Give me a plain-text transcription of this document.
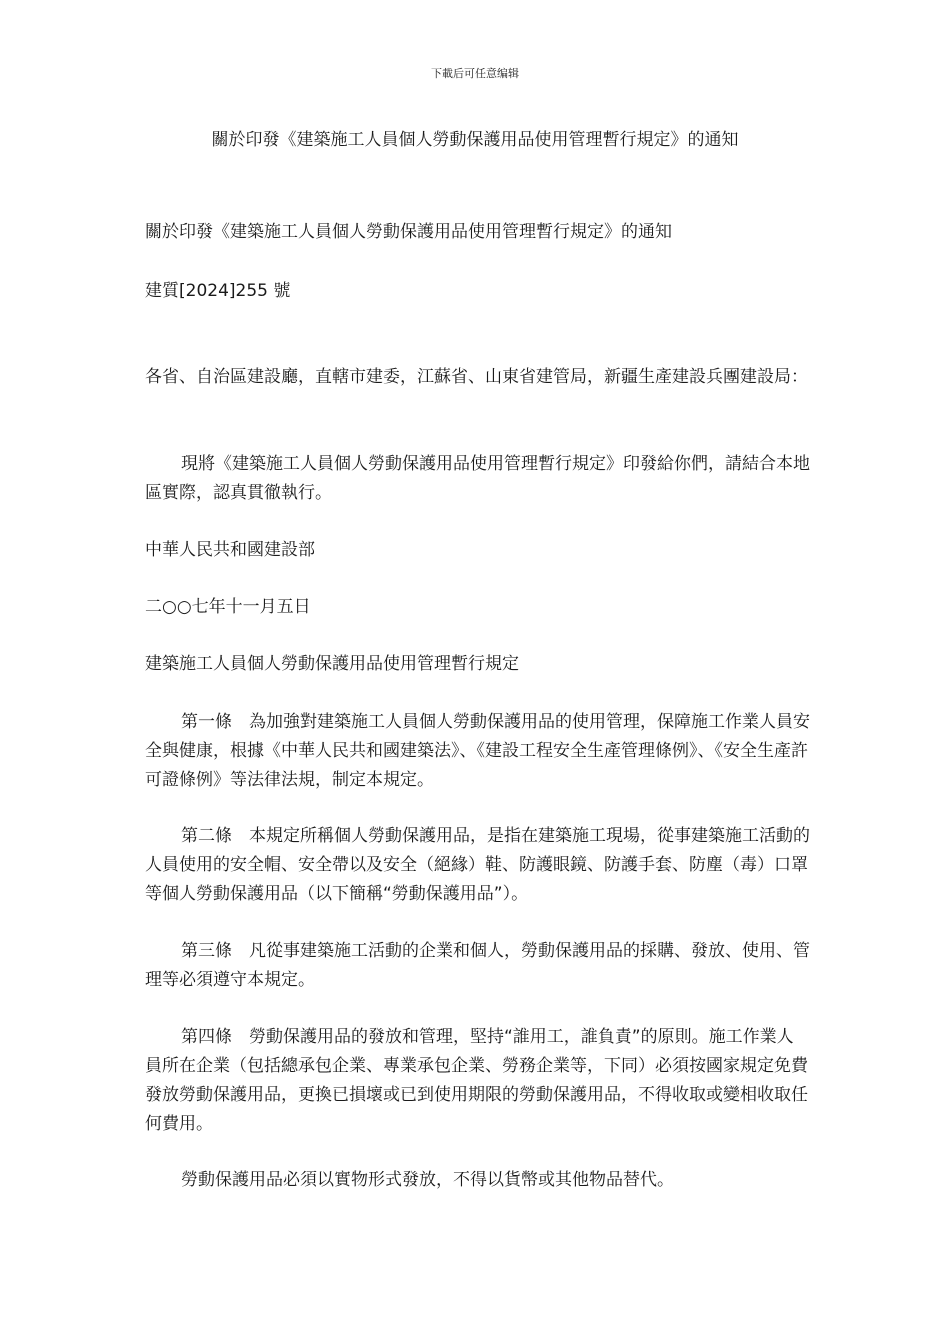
下載后可任意编辑
關於印發《建築施工人員個人勞動保護用品使用管理暫行規定》的通知

關於印發《建築施工人員個人勞動保護用品使用管理暫行規定》的通知

建質[2024]255 號

各省、自治區建設廳，直轄市建委，江蘇省、山東省建管局，新疆生產建設兵團建設局：

現將《建築施工人員個人勞動保護用品使用管理暫行規定》印發給你們，請結合本地區實際，認真貫徹執行。

中華人民共和國建設部

二○○七年十一月五日

建築施工人員個人勞動保護用品使用管理暫行規定

第一條　為加強對建築施工人員個人勞動保護用品的使用管理，保障施工作業人員安全與健康，根據《中華人民共和國建築法》、《建設工程安全生產管理條例》、《安全生產許可證條例》等法律法規，制定本規定。

第二條　本規定所稱個人勞動保護用品，是指在建築施工現場，從事建築施工活動的人員使用的安全帽、安全帶以及安全（絕緣）鞋、防護眼鏡、防護手套、防塵（毒）口罩等個人勞動保護用品（以下簡稱“勞動保護用品”）。

第三條　凡從事建築施工活動的企業和個人，勞動保護用品的採購、發放、使用、管理等必須遵守本規定。

第四條　勞動保護用品的發放和管理，堅持“誰用工，誰負責”的原則。施工作業人員所在企業（包括總承包企業、專業承包企業、勞務企業等，下同）必須按國家規定免費發放勞動保護用品，更換已損壞或已到使用期限的勞動保護用品，不得收取或變相收取任何費用。

勞動保護用品必須以實物形式發放，不得以貨幣或其他物品替代。
